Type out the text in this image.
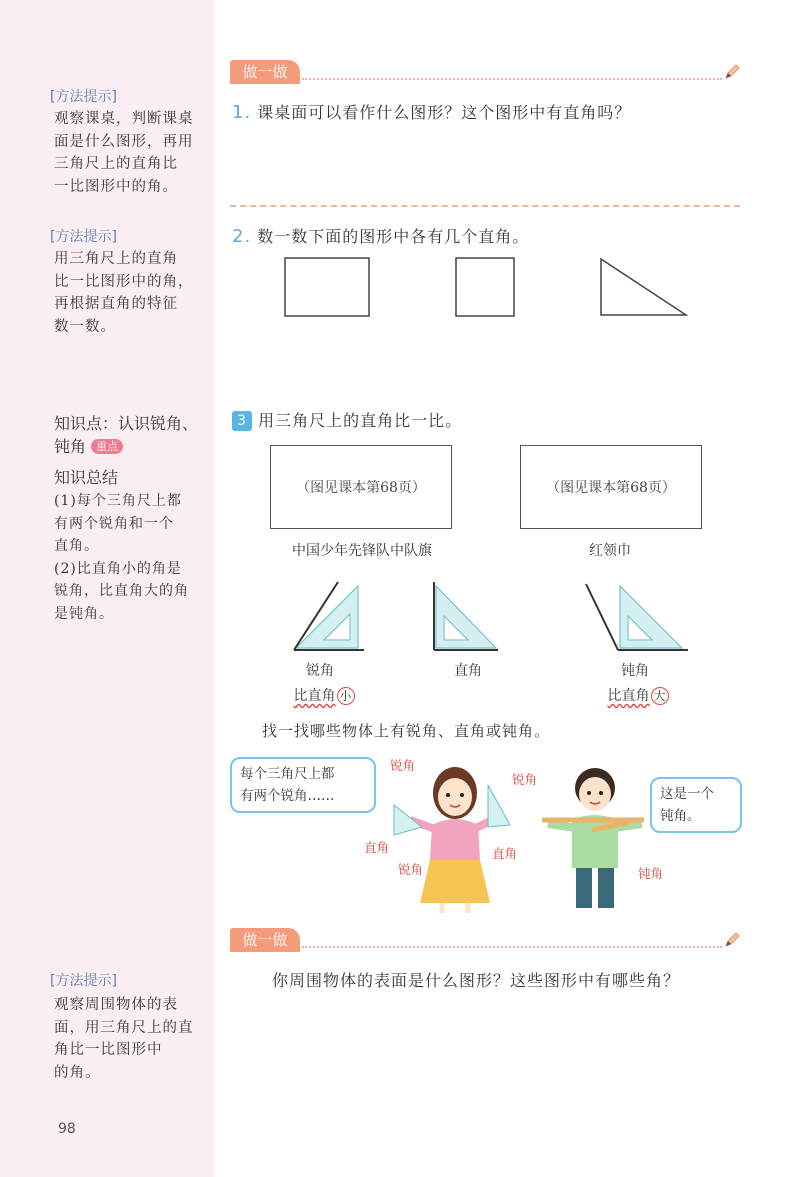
[方法提示]
观察课桌，判断课桌
面是什么图形，再用
三角尺上的直角比
一比图形中的角。
[方法提示]
用三角尺上的直角
比一比图形中的角，
再根据直角的特征
数一数。
知识点：认识锐角、
钝角 重点
知识总结
(1)每个三角尺上都
有两个锐角和一个
直角。
(2)比直角小的角是
锐角，比直角大的角
是钝角。
[方法提示]
观察周围物体的表
面，用三角尺上的直
角比一比图形中
的角。
98
做一做
1. 课桌面可以看作什么图形？这个图形中有直角吗？
2. 数一数下面的图形中各有几个直角。
3 用三角尺上的直角比一比。
（图见课本第68页）	（图见课本第68页）
中国少年先锋队中队旗	红领巾
锐角
比直角 小
直角	钝角
比直角 大
找一找哪些物体上有锐角、直角或钝角。
每个三角尺上都
有两个锐角……	这是一个
钝角。
锐角
锐角
直角	直角
锐角	钝角
做一做
你周围物体的表面是什么图形？这些图形中有哪些角？
